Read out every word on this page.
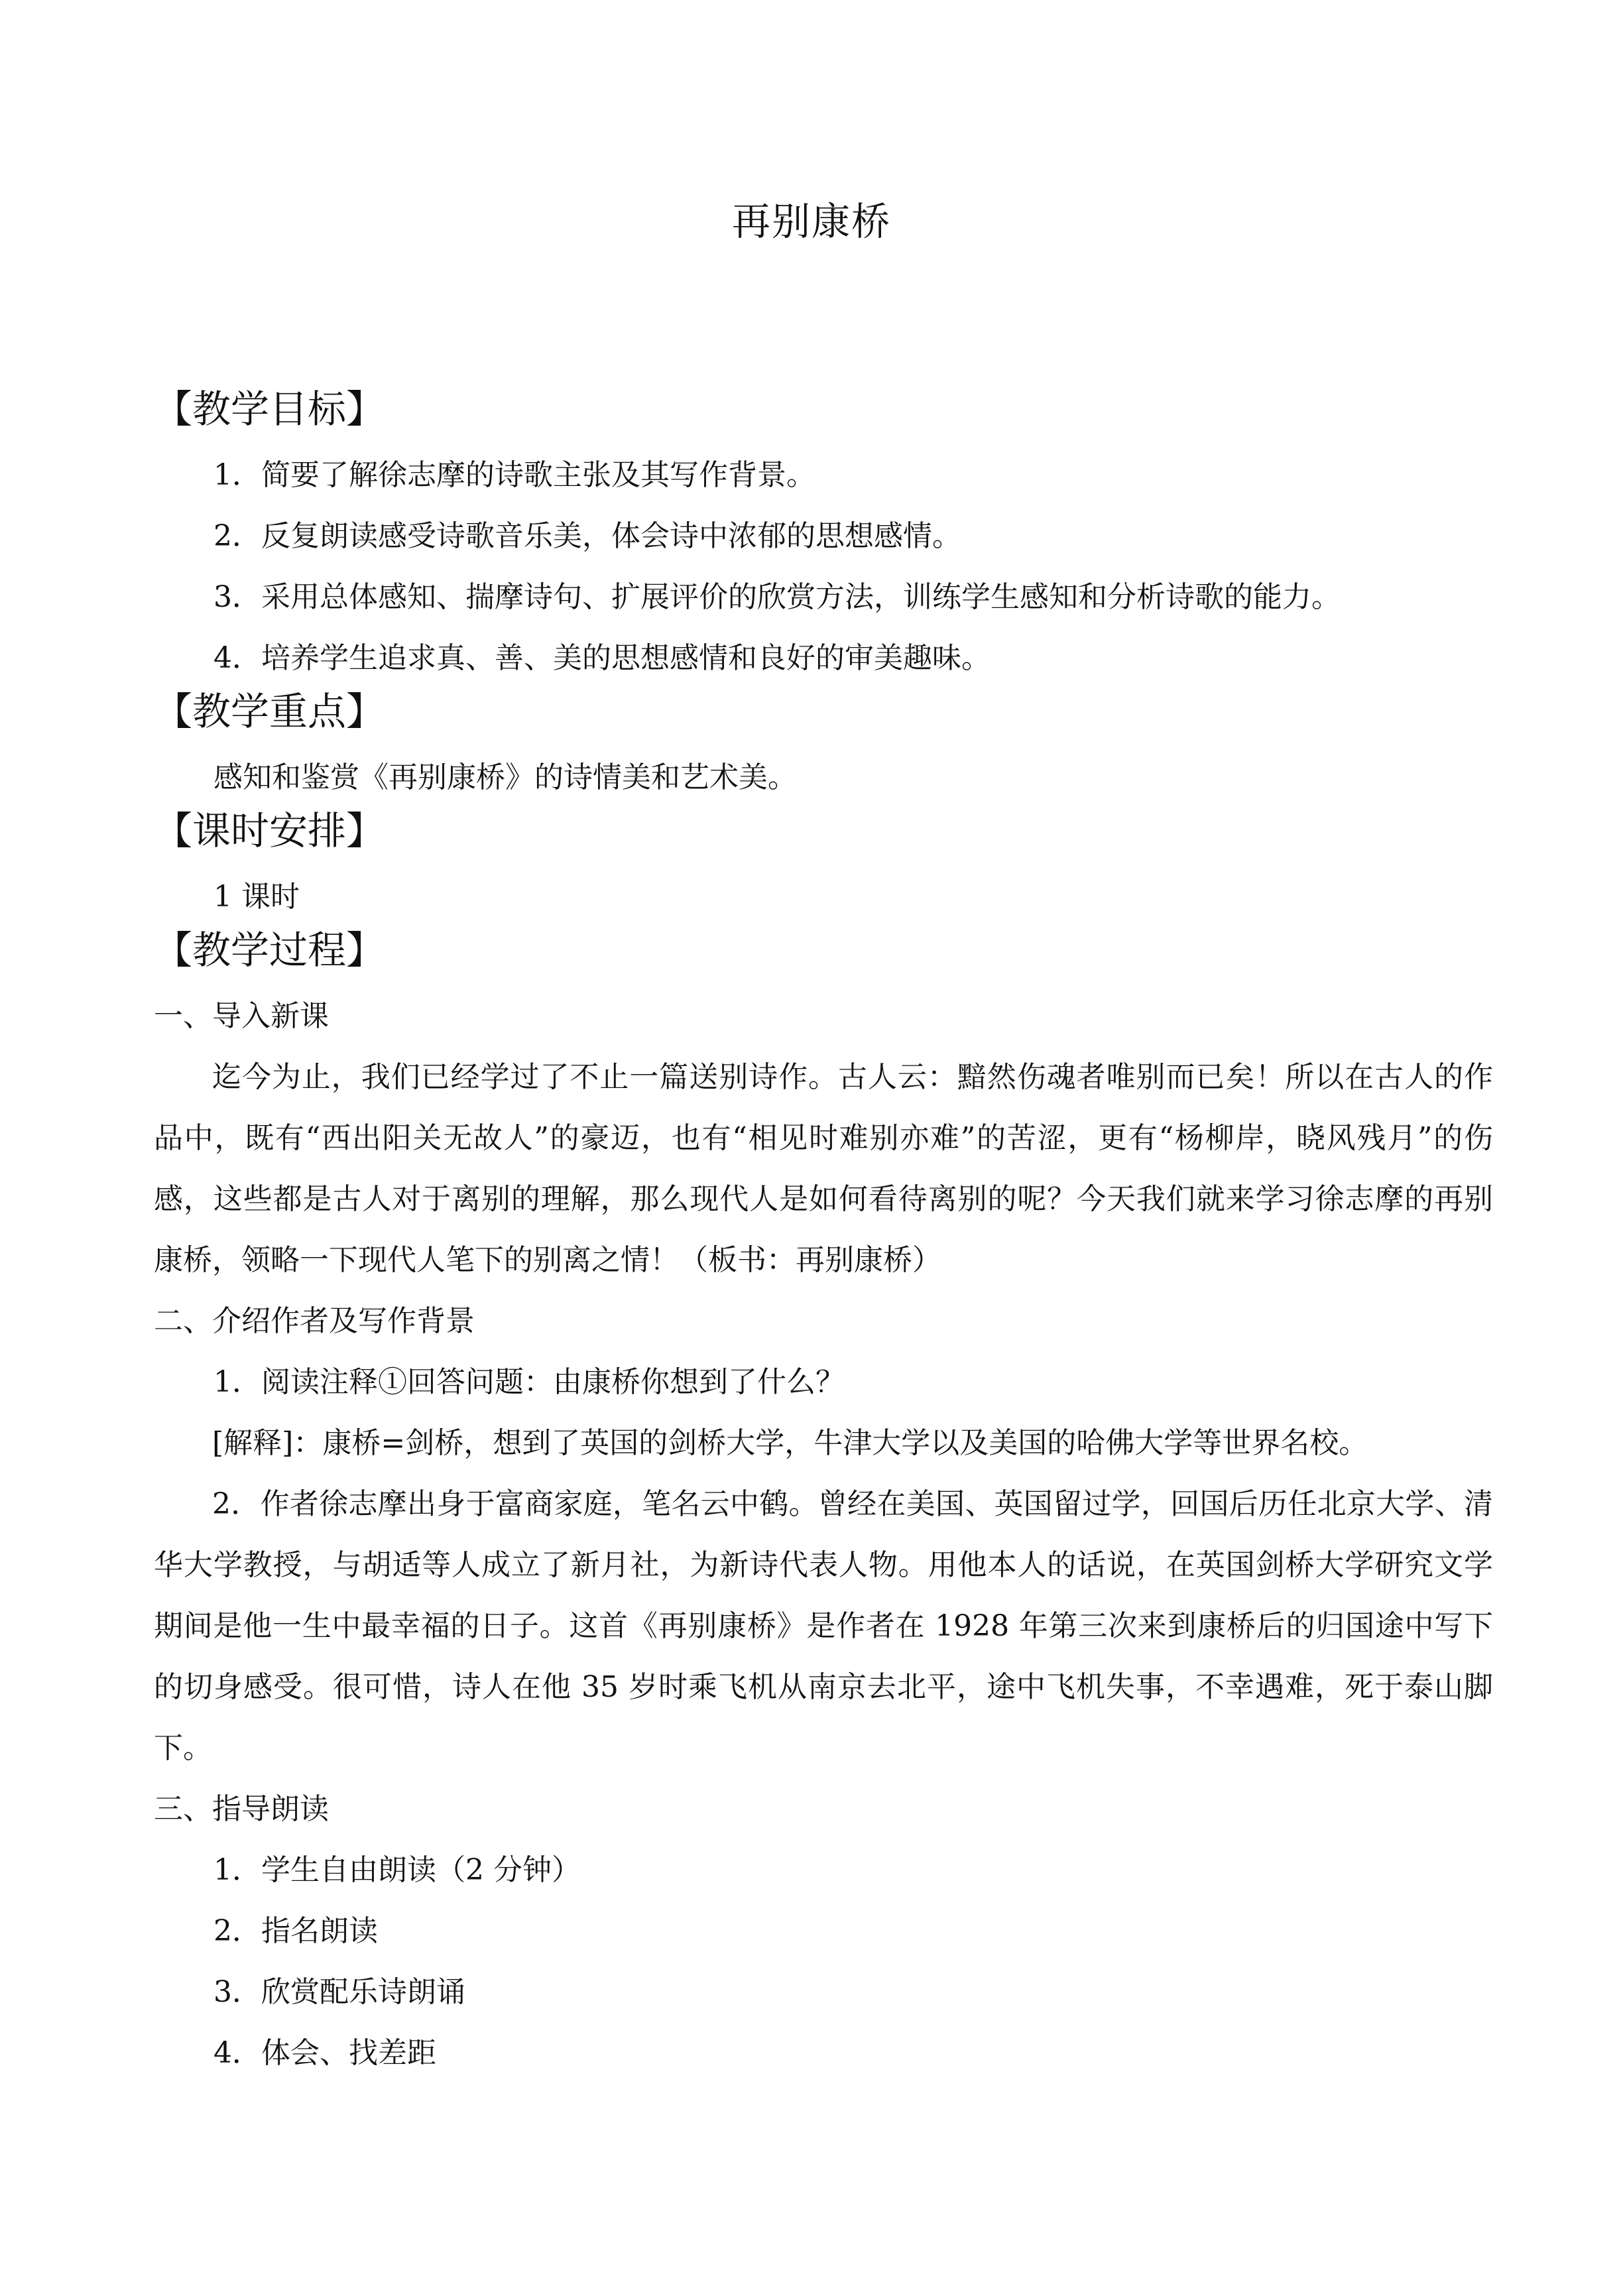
再别康桥
【教学目标】
1．简要了解徐志摩的诗歌主张及其写作背景。
2．反复朗读感受诗歌音乐美，体会诗中浓郁的思想感情。
3．采用总体感知、揣摩诗句、扩展评价的欣赏方法，训练学生感知和分析诗歌的能力。
4．培养学生追求真、善、美的思想感情和良好的审美趣味。
【教学重点】
感知和鉴赏《再别康桥》的诗情美和艺术美。
【课时安排】
1 课时
【教学过程】
一、导入新课
迄今为止，我们已经学过了不止一篇送别诗作。古人云：黯然伤魂者唯别而已矣！所以在古人的作品中，既有“西出阳关无故人”的豪迈，也有“相见时难别亦难”的苦涩，更有“杨柳岸，晓风残月”的伤感，这些都是古人对于离别的理解，那么现代人是如何看待离别的呢？今天我们就来学习徐志摩的再别康桥，领略一下现代人笔下的别离之情！（板书：再别康桥）
二、介绍作者及写作背景
1．阅读注释①回答问题：由康桥你想到了什么？
[解释]：康桥=剑桥，想到了英国的剑桥大学，牛津大学以及美国的哈佛大学等世界名校。
2．作者徐志摩出身于富商家庭，笔名云中鹤。曾经在美国、英国留过学，回国后历任北京大学、清华大学教授，与胡适等人成立了新月社，为新诗代表人物。用他本人的话说，在英国剑桥大学研究文学期间是他一生中最幸福的日子。这首《再别康桥》是作者在 1928 年第三次来到康桥后的归国途中写下的切身感受。很可惜，诗人在他 35 岁时乘飞机从南京去北平，途中飞机失事，不幸遇难，死于泰山脚下。
三、指导朗读
1．学生自由朗读（2 分钟）
2．指名朗读
3．欣赏配乐诗朗诵
4．体会、找差距
